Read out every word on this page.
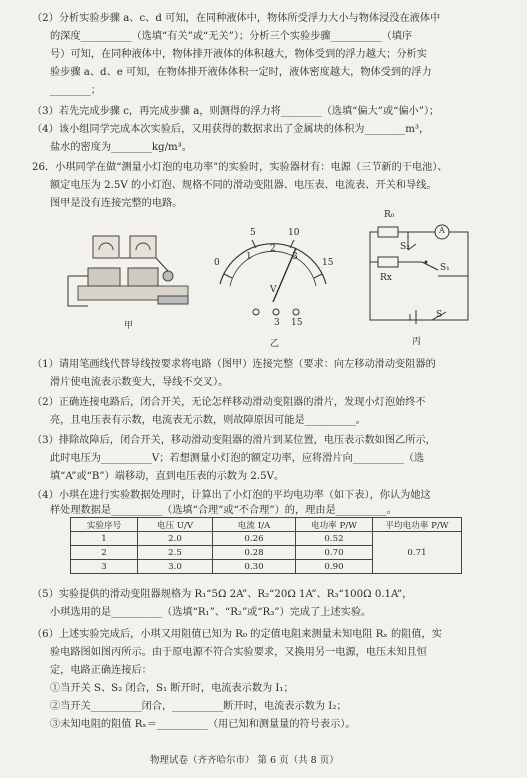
（2）分析实验步骤 a、c、d 可知，在同种液体中，物体所受浮力大小与物体浸没在液体中
的深度__________（选填“有关”或“无关”）；分析三个实验步骤__________（填序
号）可知，在同种液体中，物体排开液体的体积越大，物体受到的浮力越大；分析实
验步骤 a、d、e 可知，在物体排开液体体积一定时，液体密度越大，物体受到的浮力
________；
（3）若先完成步骤 c，再完成步骤 a，则测得的浮力将________（选填“偏大”或“偏小”）；
（4）该小组同学完成本次实验后，又用获得的数据求出了金属块的体积为________m³，
盐水的密度为________kg/m³。
26．小琪同学在做“测量小灯泡的电功率”的实验时，实验器材有：电源（三节新的干电池）、
额定电压为 2.5V 的小灯泡、规格不同的滑动变阻器、电压表、电流表、开关和导线。
图甲是没有连接完整的电路。
甲
0
5	10
15
1
2
3
V
3 15
乙
R₀
A
Rx
S₂
S₁
S
丙
（1）请用笔画线代替导线按要求将电路（图甲）连接完整（要求：向左移动滑动变阻器的
滑片使电流表示数变大，导线不交叉）。
（2）正确连接电路后，闭合开关，无论怎样移动滑动变阻器的滑片，发现小灯泡始终不
亮，且电压表有示数，电流表无示数，则故障原因可能是__________。
（3）排除故障后，闭合开关，移动滑动变阻器的滑片到某位置，电压表示数如图乙所示，
此时电压为__________V；若想测量小灯泡的额定功率，应将滑片向__________（选
填“A”或“B”）端移动，直到电压表的示数为 2.5V。
（4）小琪在进行实验数据处理时，计算出了小灯泡的平均电功率（如下表），你认为她这
样处理数据是__________（选填“合理”或“不合理”）的，理由是__________。
实验序号	电压 U/V	电流 I/A	电功率 P/W	平均电功率 P/W
1	2.0	0.26	0.52	0.71
2	2.5	0.28	0.70	
3	3.0	0.30	0.90	
（5）实验提供的滑动变阻器规格为 R₁“5Ω 2A”、R₂“20Ω 1A”、R₃“100Ω 0.1A”，
小琪选用的是__________（选填“R₁”、“R₂”或“R₃”）完成了上述实验。
（6）上述实验完成后，小琪又用阻值已知为 R₀ 的定值电阻来测量未知电阻 Rₓ 的阻值，实
验电路图如图丙所示。由于原电源不符合实验要求，又换用另一电源，电压未知且恒
定，电路正确连接后：
①当开关 S、S₂ 闭合，S₁ 断开时，电流表示数为 I₁；
②当开关__________闭合，__________断开时，电流表示数为 I₂；
③未知电阻的阻值 Rₓ＝__________（用已知和测量量的符号表示）。
物理试卷（齐齐哈尔市） 第 6 页（共 8 页）
